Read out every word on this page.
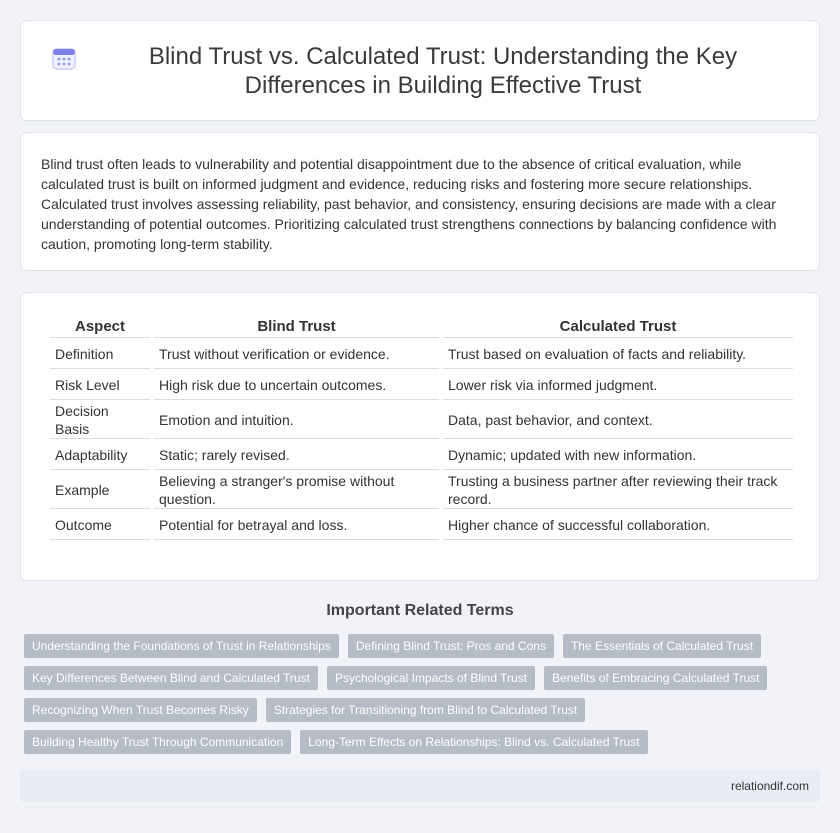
Blind Trust vs. Calculated Trust: Understanding the Key Differences in Building Effective Trust

Blind trust often leads to vulnerability and potential disappointment due to the absence of critical evaluation, while calculated trust is built on informed judgment and evidence, reducing risks and fostering more secure relationships. Calculated trust involves assessing reliability, past behavior, and consistency, ensuring decisions are made with a clear understanding of potential outcomes. Prioritizing calculated trust strengthens connections by balancing confidence with caution, promoting long-term stability.

Aspect	Blind Trust	Calculated Trust
Definition	Trust without verification or evidence.	Trust based on evaluation of facts and reliability.
Risk Level	High risk due to uncertain outcomes.	Lower risk via informed judgment.
Decision Basis	Emotion and intuition.	Data, past behavior, and context.
Adaptability	Static; rarely revised.	Dynamic; updated with new information.
Example	Believing a stranger's promise without question.	Trusting a business partner after reviewing their track record.
Outcome	Potential for betrayal and loss.	Higher chance of successful collaboration.
Important Related Terms
Understanding the Foundations of Trust in Relationships	Defining Blind Trust: Pros and Cons	The Essentials of Calculated Trust
Key Differences Between Blind and Calculated Trust	Psychological Impacts of Blind Trust	Benefits of Embracing Calculated Trust
Recognizing When Trust Becomes Risky	Strategies for Transitioning from Blind to Calculated Trust
Building Healthy Trust Through Communication	Long-Term Effects on Relationships: Blind vs. Calculated Trust
relationdif.com
